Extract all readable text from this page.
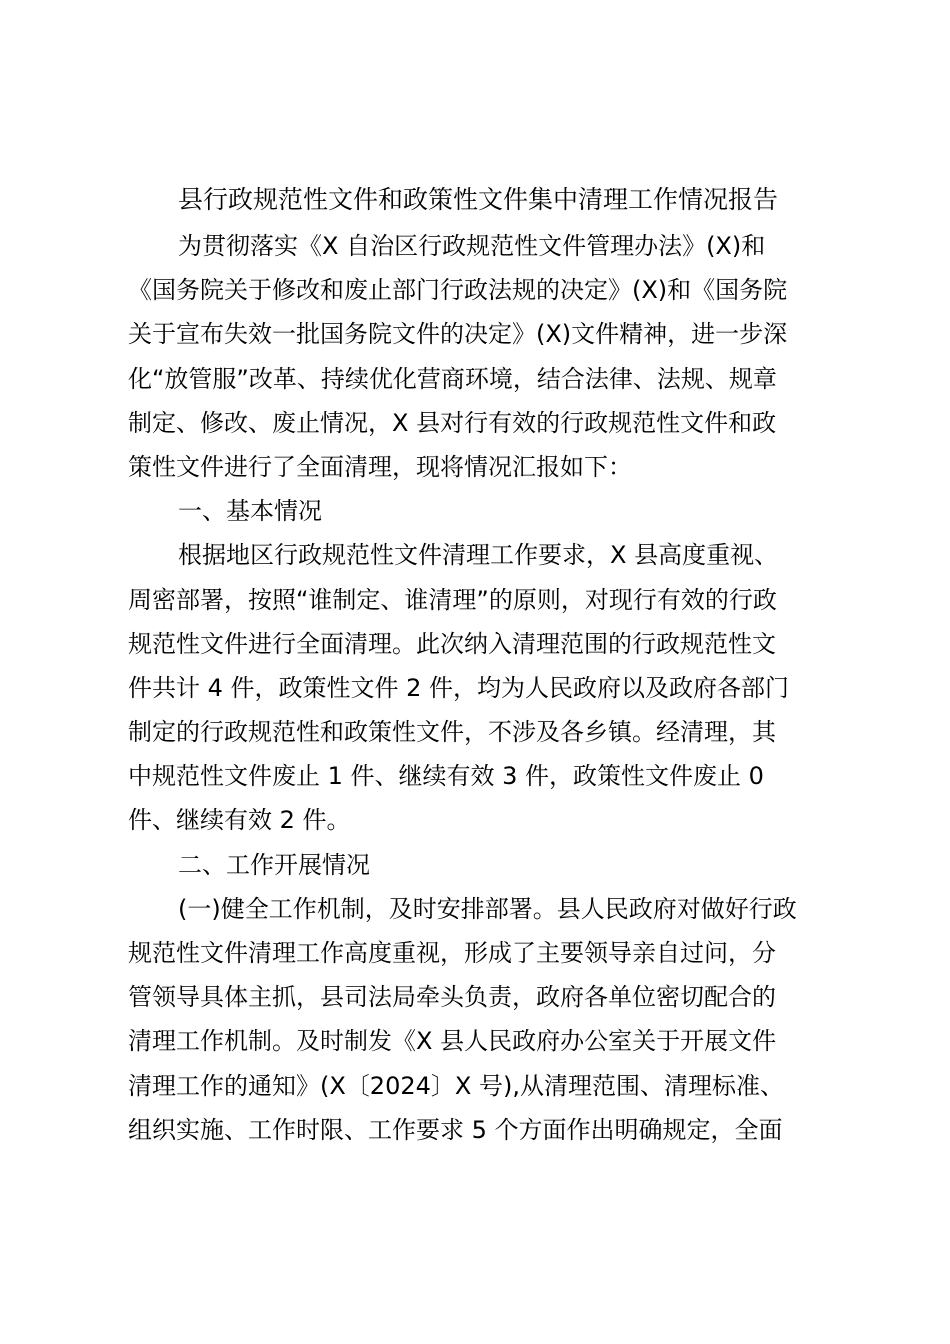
县行政规范性文件和政策性文件集中清理工作情况报告
为贯彻落实《X 自治区行政规范性文件管理办法》(X)和
《国务院关于修改和废止部门行政法规的决定》(X)和《国务院
关于宣布失效一批国务院文件的决定》(X)文件精神，进一步深
化“放管服”改革、持续优化营商环境，结合法律、法规、规章
制定、修改、废止情况，X 县对行有效的行政规范性文件和政
策性文件进行了全面清理，现将情况汇报如下：
一、基本情况
根据地区行政规范性文件清理工作要求，X 县高度重视、
周密部署，按照“谁制定、谁清理”的原则，对现行有效的行政
规范性文件进行全面清理。此次纳入清理范围的行政规范性文
件共计 4 件，政策性文件 2 件，均为人民政府以及政府各部门
制定的行政规范性和政策性文件，不涉及各乡镇。经清理，其
中规范性文件废止 1 件、继续有效 3 件，政策性文件废止 0
件、继续有效 2 件。
二、工作开展情况
(一)健全工作机制，及时安排部署。县人民政府对做好行政
规范性文件清理工作高度重视，形成了主要领导亲自过问，分
管领导具体主抓，县司法局牵头负责，政府各单位密切配合的
清理工作机制。及时制发《X 县人民政府办公室关于开展文件
清理工作的通知》(X〔2024〕X 号),从清理范围、清理标准、
组织实施、工作时限、工作要求 5 个方面作出明确规定，全面
